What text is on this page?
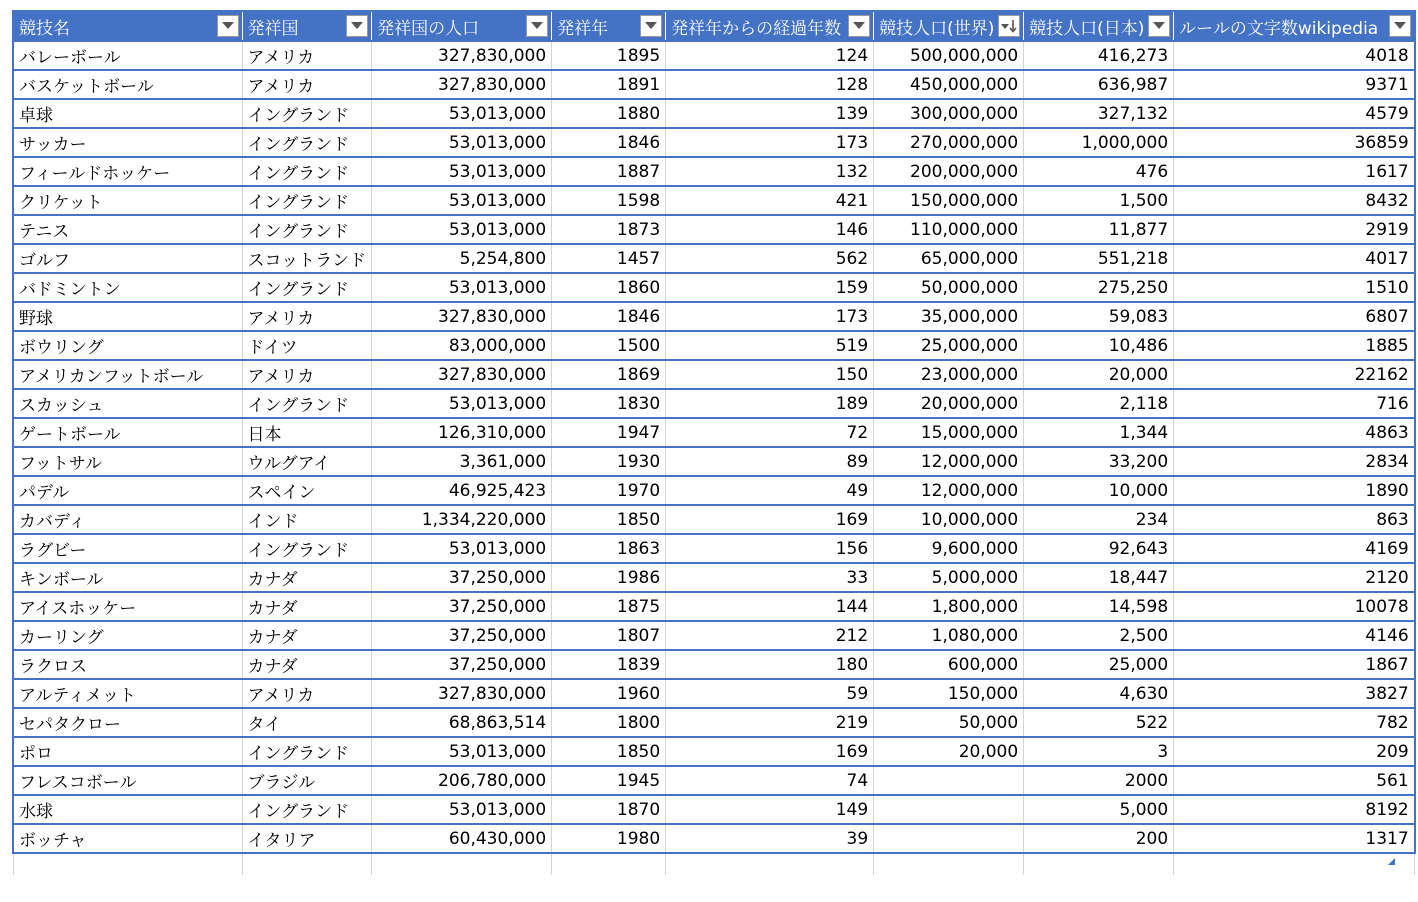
競技名	発祥国	発祥国の人口	発祥年	発祥年からの経過年数	競技人口(世界)	競技人口(日本)	ルールの文字数wikipedia

バレーボール	アメリカ	327,830,000	1895	124	500,000,000	416,273	4018
バスケットボール	アメリカ	327,830,000	1891	128	450,000,000	636,987	9371
卓球	イングランド	53,013,000	1880	139	300,000,000	327,132	4579
サッカー	イングランド	53,013,000	1846	173	270,000,000	1,000,000	36859
フィールドホッケー	イングランド	53,013,000	1887	132	200,000,000	476	1617
クリケット	イングランド	53,013,000	1598	421	150,000,000	1,500	8432
テニス	イングランド	53,013,000	1873	146	110,000,000	11,877	2919
ゴルフ	スコットランド	5,254,800	1457	562	65,000,000	551,218	4017
バドミントン	イングランド	53,013,000	1860	159	50,000,000	275,250	1510
野球	アメリカ	327,830,000	1846	173	35,000,000	59,083	6807
ボウリング	ドイツ	83,000,000	1500	519	25,000,000	10,486	1885
アメリカンフットボール	アメリカ	327,830,000	1869	150	23,000,000	20,000	22162
スカッシュ	イングランド	53,013,000	1830	189	20,000,000	2,118	716
ゲートボール	日本	126,310,000	1947	72	15,000,000	1,344	4863
フットサル	ウルグアイ	3,361,000	1930	89	12,000,000	33,200	2834
パデル	スペイン	46,925,423	1970	49	12,000,000	10,000	1890
カバディ	インド	1,334,220,000	1850	169	10,000,000	234	863
ラグビー	イングランド	53,013,000	1863	156	9,600,000	92,643	4169
キンボール	カナダ	37,250,000	1986	33	5,000,000	18,447	2120
アイスホッケー	カナダ	37,250,000	1875	144	1,800,000	14,598	10078
カーリング	カナダ	37,250,000	1807	212	1,080,000	2,500	4146
ラクロス	カナダ	37,250,000	1839	180	600,000	25,000	1867
アルティメット	アメリカ	327,830,000	1960	59	150,000	4,630	3827
セパタクロー	タイ	68,863,514	1800	219	50,000	522	782
ポロ	イングランド	53,013,000	1850	169	20,000	3	209
フレスコボール	ブラジル	206,780,000	1945	74		2000	561
水球	イングランド	53,013,000	1870	149		5,000	8192
ボッチャ	イタリア	60,430,000	1980	39		200	1317
